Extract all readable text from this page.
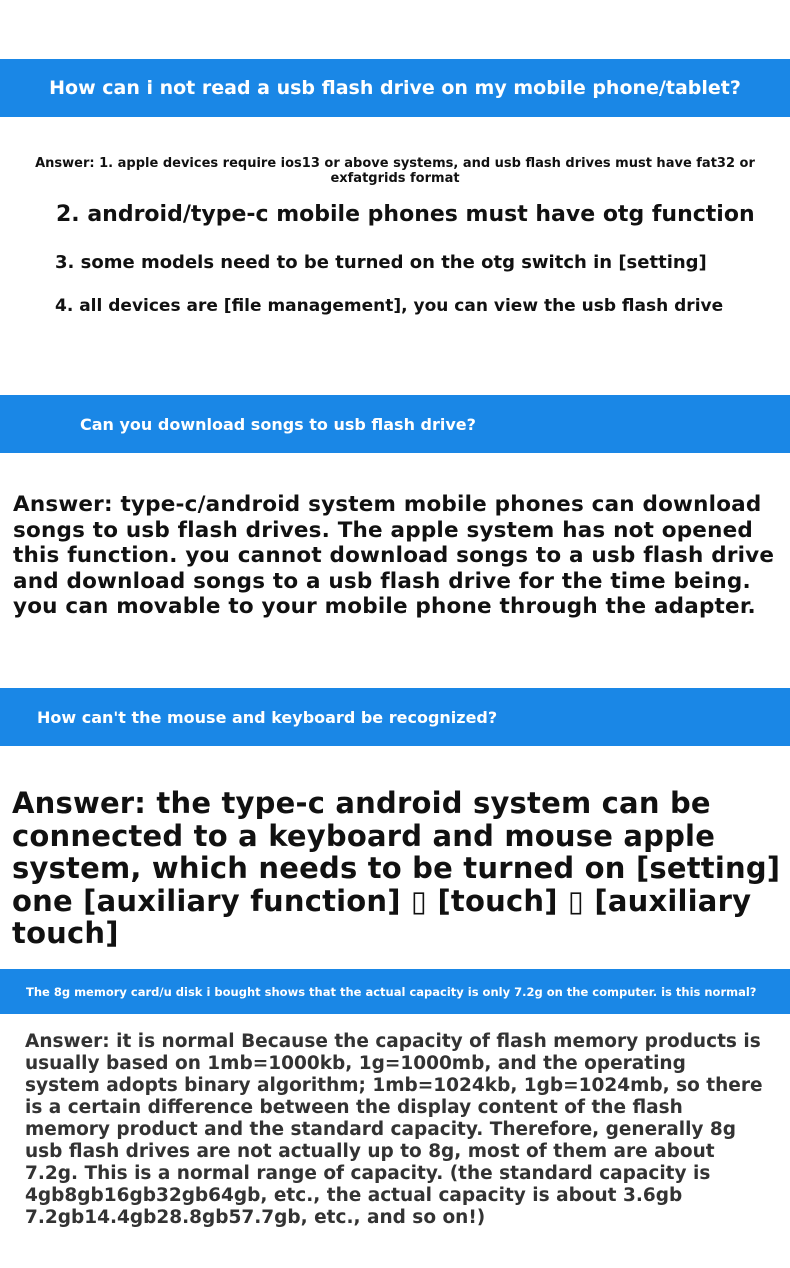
How can i not read a usb flash drive on my mobile phone/tablet?

Answer: 1. apple devices require ios13 or above systems, and usb flash drives must have fat32 or exfatgrids format

2. android/type-c mobile phones must have otg function

3. some models need to be turned on the otg switch in [setting]

4. all devices are [file management], you can view the usb flash drive

Can you download songs to usb flash drive?

Answer: type-c/android system mobile phones can download songs to usb flash drives. The apple system has not opened this function. you cannot download songs to a usb flash drive and download songs to a usb flash drive for the time being. you can movable to your mobile phone through the adapter.

How can't the mouse and keyboard be recognized?

Answer: the type-c android system can be connected to a keyboard and mouse apple system, which needs to be turned on [setting] one [auxiliary function] ▯ [touch] ▯ [auxiliary touch]

The 8g memory card/u disk i bought shows that the actual capacity is only 7.2g on the computer. is this normal?

Answer: it is normal Because the capacity of flash memory products is usually based on 1mb=1000kb, 1g=1000mb, and the operating system adopts binary algorithm; 1mb=1024kb, 1gb=1024mb, so there is a certain difference between the display content of the flash memory product and the standard capacity. Therefore, generally 8g usb flash drives are not actually up to 8g, most of them are about 7.2g. This is a normal range of capacity. (the standard capacity is 4gb8gb16gb32gb64gb, etc., the actual capacity is about 3.6gb 7.2gb14.4gb28.8gb57.7gb, etc., and so on!)
